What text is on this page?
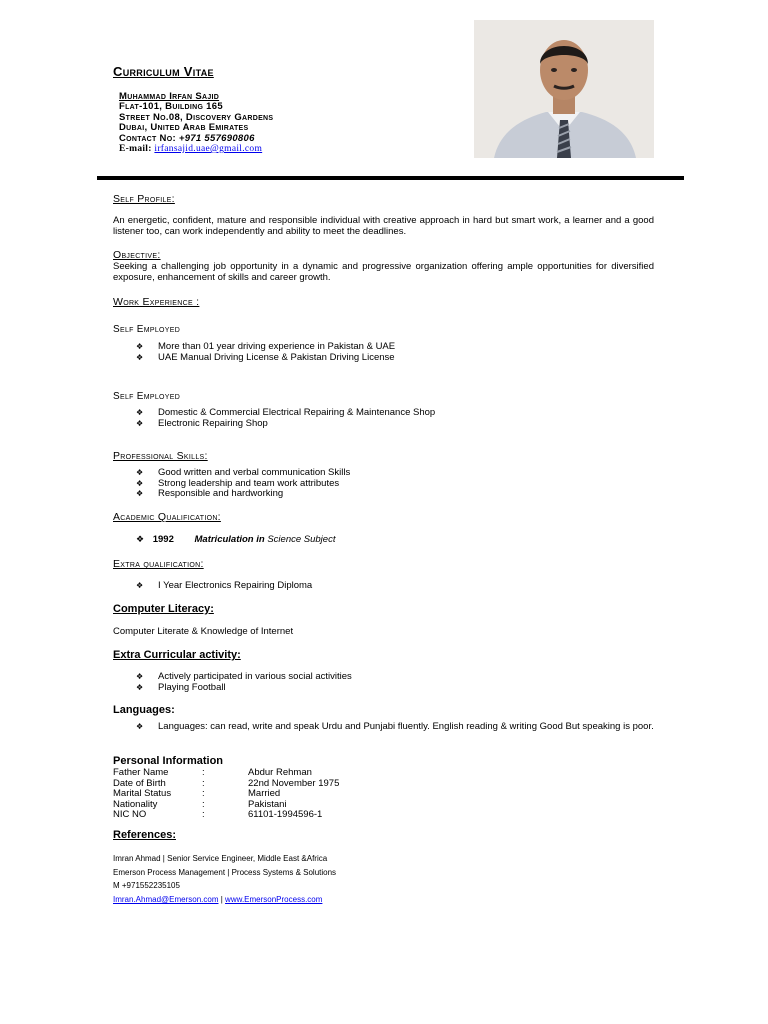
Curriculum Vitae
Muhammad Irfan Sajid
Flat-101, Building 165
Street No.08, Discovery Gardens
Dubai, United Arab Emirates
Contact No: +971 557690806
E-mail: irfansajid.uae@gmail.com
Self Profile:
An energetic, confident, mature and responsible individual with creative approach in hard but smart work, a learner and a good listener too, can work independently and ability to meet the deadlines.
Objective:
Seeking a challenging job opportunity in a dynamic and progressive organization offering ample opportunities for diversified exposure, enhancement of skills and career growth.
Work Experience :
Self Employed
❖ More than 01 year driving experience in Pakistan & UAE
❖ UAE Manual Driving License & Pakistan Driving License
Self Employed
❖ Domestic & Commercial Electrical Repairing & Maintenance Shop
❖ Electronic Repairing Shop
Professional Skills:
❖ Good written and verbal communication Skills
❖ Strong leadership and team work attributes
❖ Responsible and hardworking
Academic Qualification:
❖ 1992 Matriculation in Science Subject
Extra qualification:
❖ I Year Electronics Repairing Diploma
Computer Literacy:
Computer Literate & Knowledge of Internet
Extra Curricular activity:
❖ Actively participated in various social activities
❖ Playing Football
Languages:
❖ Languages: can read, write and speak Urdu and Punjabi fluently. English reading & writing Good But speaking is poor.
Personal Information
Father Name	:	Abdur Rehman
Date of Birth	:	22nd November 1975
Marital Status	:	Married
Nationality	:	Pakistani
NIC NO	:	61101-1994596-1
References:
Imran Ahmad | Senior Service Engineer, Middle East &Africa
Emerson Process Management | Process Systems & Solutions
M +971552235105
Imran.Ahmad@Emerson.com | www.EmersonProcess.com
